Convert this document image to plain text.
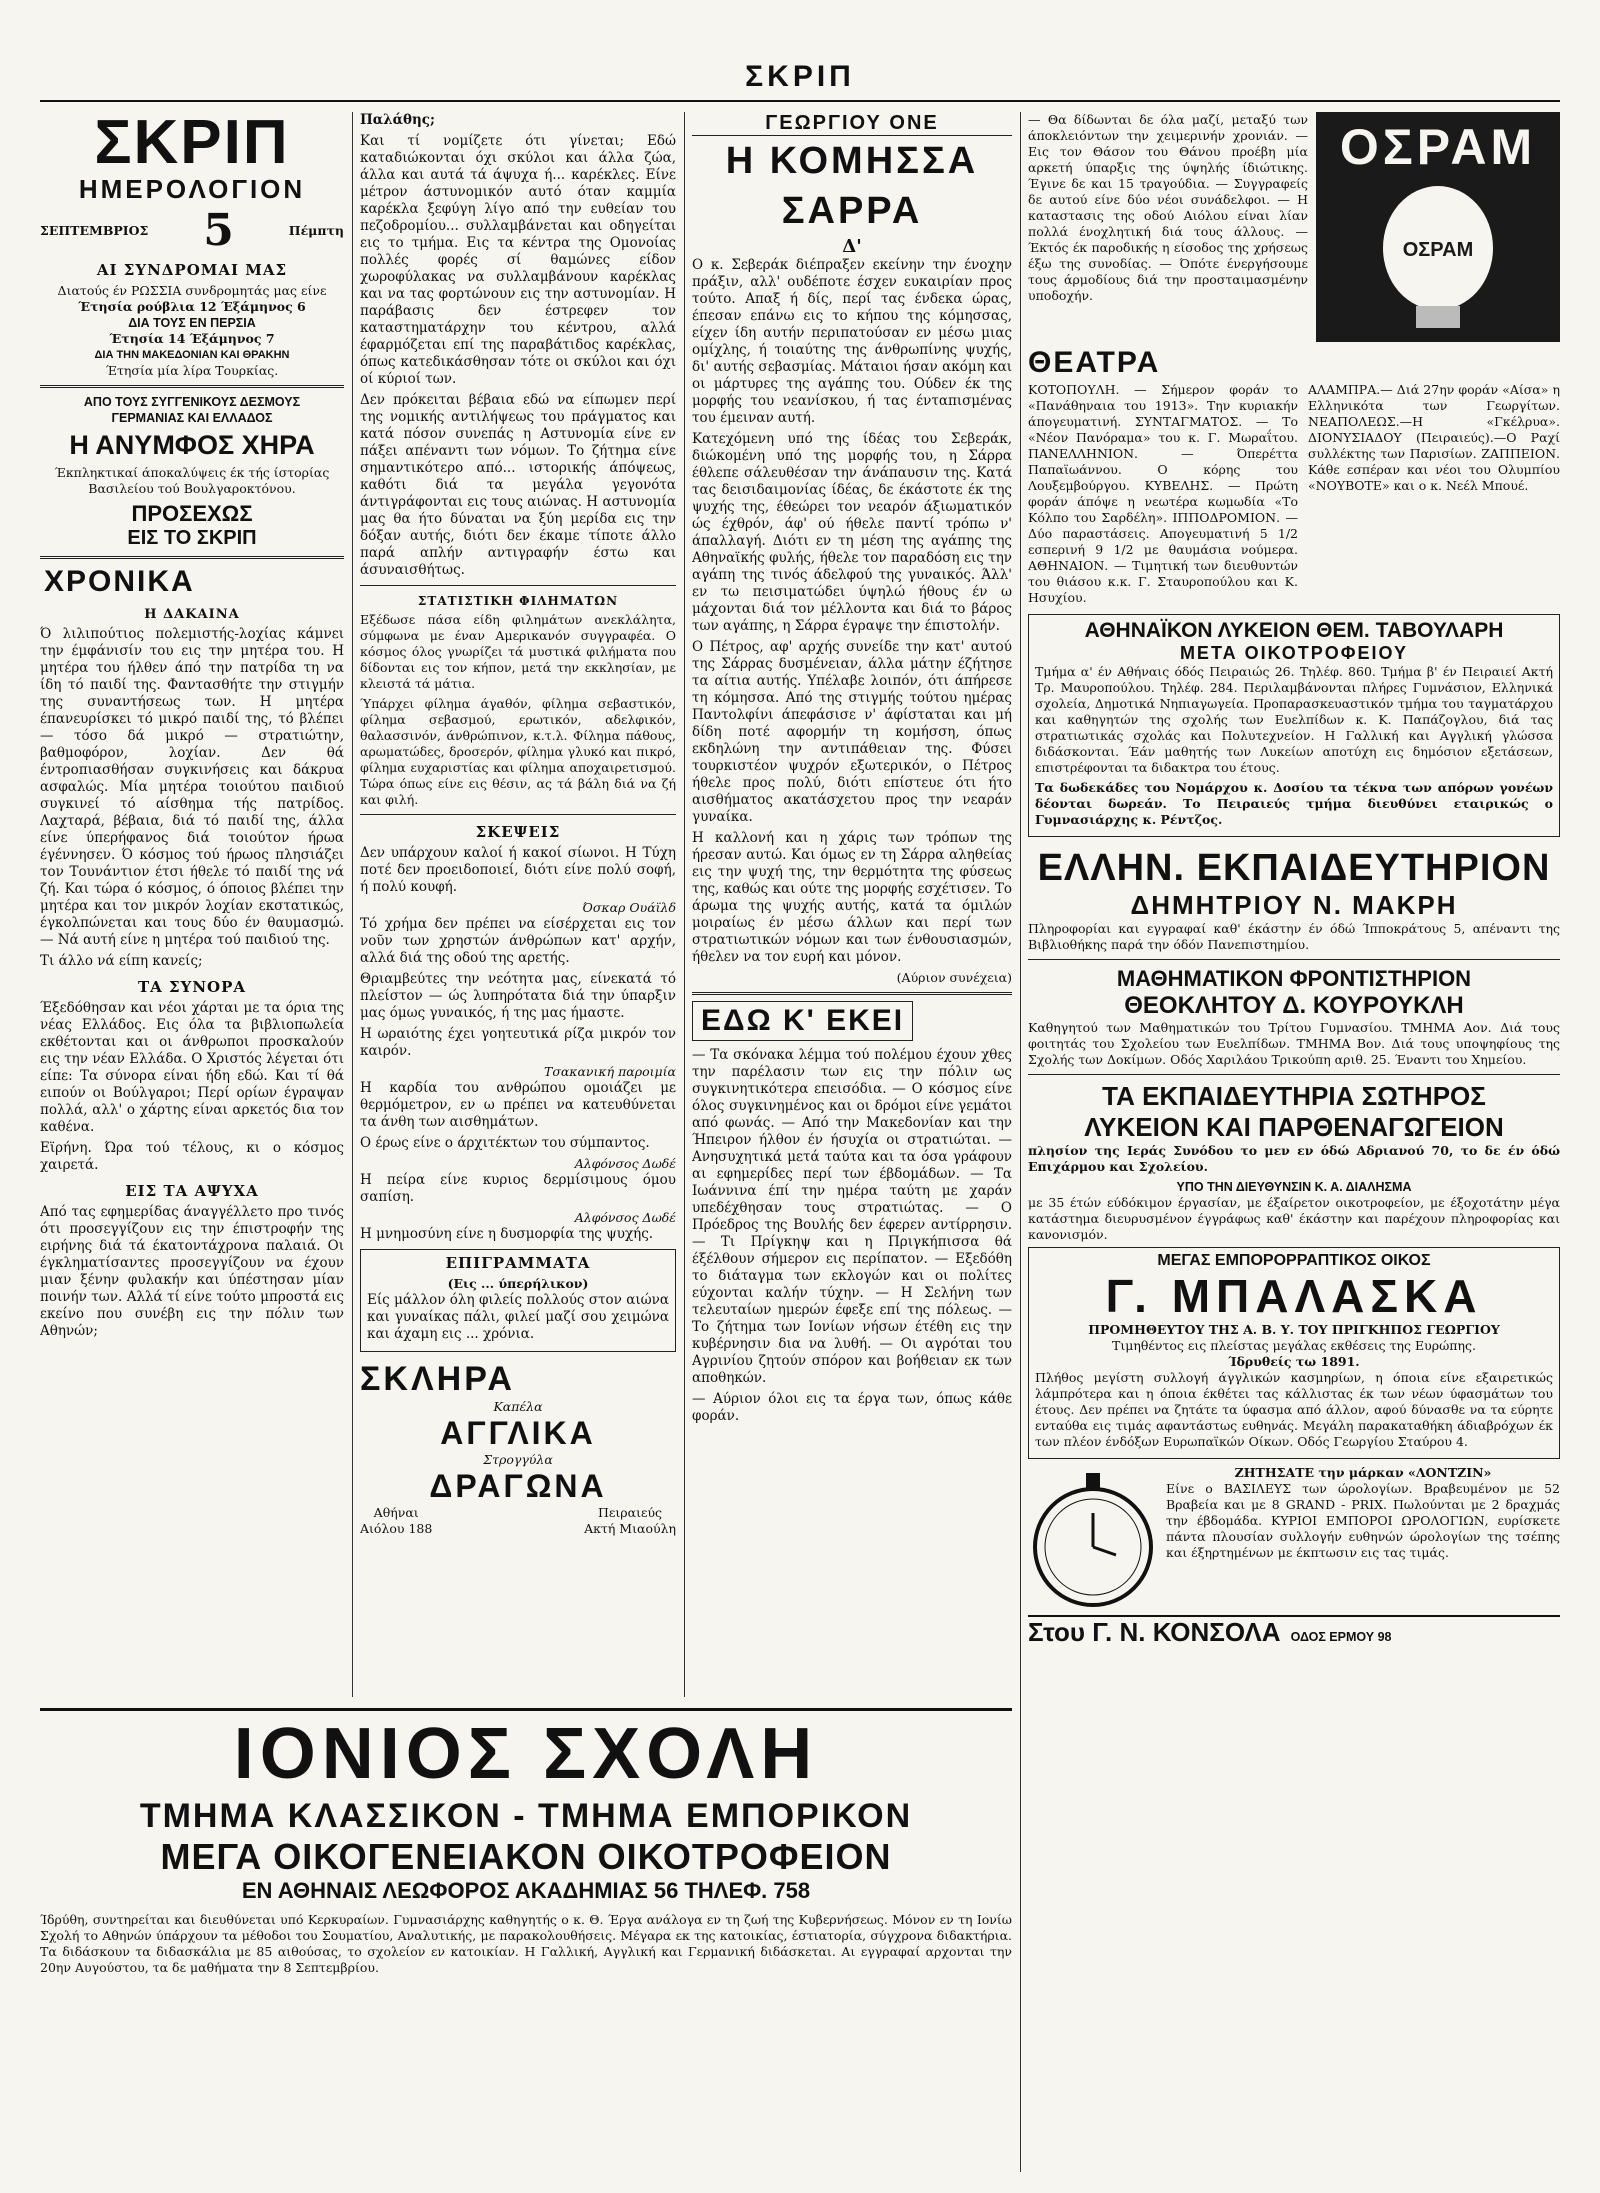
ΣΚΡΙΠ
ΣΚΡΙΠ
ΗΜΕΡΟΛΟΓΙΟΝ
ΣΕΠΤΕΜΒΡΙΟΣ 5	Πέμπτη
ΑΙ ΣΥΝΔΡΟΜΑΙ ΜΑΣ
Διατούς έν ΡΩΣΣΙΑ συνδρομητάς μας είνε
Έτησία ρούβλια 12 Έξάμηνος 6
ΔΙΑ ΤΟΥΣ ΕΝ ΠΕΡΣΙΑ
Έτησία 14 Έξάμηνος 7
ΔΙΑ ΤΗΝ ΜΑΚΕΔΟΝΙΑΝ ΚΑΙ ΘΡΑΚΗΝ
Έτησία μία λίρα Τουρκίας.
ΑΠΟ ΤΟΥΣ ΣΥΓΓΕΝΙΚΟΥΣ ΔΕΣΜΟΥΣ
ΓΕΡΜΑΝΙΑΣ ΚΑΙ ΕΛΛΑΔΟΣ
Η ΑΝΥΜΦΟΣ ΧΗΡΑ
Έκπληκτικαί άποκαλύψεις έκ τής ίστορίας Βασιλείου τού Βουλγαροκτόνου.
ΠΡΟΣΕΧΩΣ
ΕΙΣ ΤΟ ΣΚΡΙΠ
ΧΡΟΝΙΚΑ
Η ΔΑΚΑΙΝΑ

Ό λιλιπούτιος πολεμιστής-λοχίας κάμνει την έμφάνισίν του εις την μητέρα του. Η μητέρα του ήλθεν άπό την πατρίδα τη να ίδη τό παιδί της. Φαντασθήτε την στιγμήν της συναντήσεως των. Η μητέρα έπανευρίσκει τό μικρό παιδί της, τό βλέπει — τόσο δά μικρό — στρατιώτην, βαθμοφόρον, λοχίαν. Δεν θά έντροπιασθήσαν συγκινήσεις και δάκρυα ασφαλώς. Μία μητέρα τοιούτου παιδιού συγκινεί τό αίσθημα τής πατρίδος. Λαχταρά, βέβαια, διά τό παιδί της, άλλα είνε ύπερήφανος διά τοιούτον ήρωα έγέννησεν. Ό κόσμος τού ήρωος πλησιάζει τον Τουνάντιον έτσι ήθελε τό παιδί της νά ζή. Και τώρα ό κόσμος, ό όποιος βλέπει την μητέρα και τον μικρόν λοχίαν εκστατικώς, έγκολπώνεται και τους δύο έν θαυμασμώ. — Νά αυτή είνε η μητέρα τού παιδιού της.

Τι άλλο νά είπη κανείς;

ΤΑ ΣΥΝΟΡΑ

Έξεδόθησαν και νέοι χάρται με τα όρια της νέας Ελλάδος. Εις όλα τα βιβλιοπωλεία εκθέτονται και οι άνθρωποι προσκαλούν εις την νέαν Ελλάδα. Ο Χριστός λέγεται ότι είπε: Τα σύνορα είναι ήδη εδώ. Και τί θά ειπούν οι Βούλγαροι; Περί ορίων έγραψαν πολλά, αλλ' ο χάρτης είναι αρκετός δια τον καθένα.

Εϊρήνη. Ώρα τού τέλους, κι ο κόσμος χαιρετά.

ΕΙΣ ΤΑ ΑΨΥΧΑ

Από τας εφημερίδας άναγγέλλετο προ τινός ότι προσεγγίζουν εις την έπιστροφήν της ειρήνης διά τά έκατοντάχρονα παλαιά. Οι έγκληματίσαντες προσεγγίζουν να έχουν μιαν ξένην φυλακήν και ύπέστησαν μίαν ποινήν των. Αλλά τί είνε τούτο μπροστά εις εκείνο που συνέβη εις την πόλιν των Αθηνών;

Παλάθης;

Και τί νομίζετε ότι γίνεται; Εδώ καταδιώκονται όχι σκύλοι και άλλα ζώα, άλλα και αυτά τά άψυχα ή... καρέκλες. Είνε μέτρον άστυνομικόν αυτό όταν καμμία καρέκλα ξεφύγη λίγο από την ευθείαν του πεζοδρομίου... συλλαμβάνεται και οδηγείται εις το τμήμα. Εις τα κέντρα της Ομονοίας πολλές φορές σί θαμώνες είδον χωροφύλακας να συλλαμβάνουν καρέκλας και να τας φορτώνουν εις την αστυνομίαν. Η παράβασις δεν έστρεφεν τον καταστηματάρχην του κέντρου, αλλά έφαρμόζεται επί της παραβάτιδος καρέκλας, όπως κατεδικάσθησαν τότε οι σκύλοι και όχι οί κύριοί των.

Δεν πρόκειται βέβαια εδώ να είπωμεν περί της νομικής αντιλήψεως του πράγματος και κατά πόσον συνεπάς η Αστυνομία είνε εν πάξει απέναντι των νόμων. Το ζήτημα είνε σημαντικότερο από... ιστορικής άπόψεως, καθότι διά τα μεγάλα γεγονότα άντιγράφονται εις τους αιώνας. Η αστυνομία μας θα ήτο δύναται να ξύη μερίδα εις την δόξαν αυτής, διότι δεν έκαμε τίποτε άλλο παρά απλήν αντιγραφήν έστω και άσυναισθήτως.

ΣΤΑΤΙΣΤΙΚΗ ΦΙΛΗΜΑΤΩΝ

Εξέδωσε πάσα είδη φιλημάτων ανεκλάλητα, σύμφωνα με έναν Αμερικανόν συγγραφέα. Ο κόσμος όλος γνωρίζει τά μυστικά φιλήματα που δίδονται εις τον κήπον, μετά την εκκλησίαν, με κλειστά τά μάτια.

Ύπάρχει φίλημα άγαθόν, φίλημα σεβαστικόν, φίλημα σεβασμού, ερωτικόν, αδελφικόν, θαλασσινόν, άνθρώπινον, κ.τ.λ. Φίλημα πάθους, αρωματώδες, δροσερόν, φίλημα γλυκό και πικρό, φίλημα ευχαριστίας και φίλημα αποχαιρετισμού. Τώρα όπως είνε εις θέσιν, ας τά βάλη διά να ζή και φιλή.

ΣΚΕΨΕΙΣ

Δεν υπάρχουν καλοί ή κακοί σίωνοι. Η Τύχη ποτέ δεν προειδοποιεί, διότι είνε πολύ σοφή, ή πολύ κουφή.

Όσκαρ Ουάϊλδ

Τό χρήμα δεν πρέπει να είσέρχεται εις τον νοῦν των χρηστών άνθρώπων κατ' αρχήν, αλλά διά της οδού της αρετής.

Θριαμβεύτες την νεότητα μας, είνεκατά τό πλείστον — ώς λυπηρότατα διά την ύπαρξιν μας όμως γυναικός, ή της μας ήμαστε.

Η ωραιότης έχει γοητευτικά ρίζα μικρόν τον καιρόν.

Τσακανική παροιμία

Η καρδία του ανθρώπου ομοιάζει με θερμόμετρον, εν ω πρέπει να κατευθύνεται τα άνθη των αισθημάτων.

Ο έρως είνε ο άρχιτέκτων του σύμπαντος.

Αλφόνσος Δωδέ

Η πείρα είνε κυριος δερμίσιμους όμου σαπίση.

Αλφόνσος Δωδέ

Η μνημοσύνη είνε η δυσμορφία της ψυχής.

ΕΠΙΓΡΑΜΜΑΤΑ
(Εις ... ύπερήλικον)

Είς μάλλον όλη φιλείς πολλούς στον αιώνα και γυναίκας πάλι, φιλεί μαζί σου χειμώνα και άχαμη εις ... χρόνια.

ΣΚΛΗΡΑ
Καπέλα
ΑΓΓΛΙΚΑ
Στρογγύλα
ΔΡΑΓΩΝΑ
Αθήναι
Αιόλου 188
Πειραιεύς
Ακτή Μιαούλη
ΓΕΩΡΓΙΟΥ ΟΝΕ
Η ΚΟΜΗΣΣΑ ΣΑΡΡΑ
Δ'

Ο κ. Σεβεράκ διέπραξεν εκείνην την ένοχην πράξιν, αλλ' ουδέποτε έσχεν ευκαιρίαν προς τούτο. Απαξ ή δίς, περί τας ένδεκα ώρας, έπεσαν επάνω εις το κήπου της κόμησσας, είχεν ίδη αυτήν περιπατούσαν εν μέσω μιας ομίχλης, ή τοιαύτης της άνθρωπίνης ψυχής, δι' αυτής σεβασμίας. Μάταιοι ήσαν ακόμη και οι μάρτυρες της αγάπης του. Ούδεν έκ της μορφής του νεανίσκου, ή τας ένταπισμένας του έμειναν αυτή.

Κατεχόμενη υπό της ίδέας του Σεβεράκ, διώκομένη υπό της μορφής του, η Σάρρα έθλεπε σάλευθέσαν την άνάπαυσιν της. Κατά τας δεισιδαιμονίας ίδέας, δε έκάστοτε έκ της ψυχής της, έθεώρει τον νεαρόν άξιωματικόν ώς έχθρόν, άφ' ού ήθελε παντί τρόπω ν' άπαλλαγή. Διότι εν τη μέση της αγάπης της Αθηναϊκής φυλής, ήθελε τον παραδόση εις την αγάπη της τινός άδελφού της γυναικός. Άλλ' εν τω πεισιματώδει ύψηλώ ήθους έν ω μάχονται διά τον μέλλοντα και διά το βάρος των αγάπης, η Σάρρα έγραψε την έπιστολήν.

Ο Πέτρος, αφ' αρχής συνείδε την κατ' αυτού της Σάρρας δυσμένειαν, άλλα μάτην έζήτησε τα αίτια αυτής. Υπέλαβε λοιπόν, ότι άπήρεσε τη κόμησσα. Από της στιγμής τούτου ημέρας Παντολφίνι άπεφάσισε ν' άφίσταται και μή δίδη ποτέ αφορμήν τη κομήσση, όπως εκδηλώνη την αντιπάθειαν της. Φύσει τουρκιστέον ψυχρόν εξωτερικόν, ο Πέτρος ήθελε προς πολύ, διότι επίστευε ότι ήτο αισθήματος ακατάσχετου προς την νεαράν γυναίκα.

Η καλλονή και η χάρις των τρόπων της ήρεσαν αυτώ. Και όμως εν τη Σάρρα αληθείας εις την ψυχή της, την θερμότητα της φύσεως της, καθώς και ούτε της μορφής εσχέτισεν. Το άρωμα της ψυχής αυτής, κατά τα όμιλών μοιραίως έν μέσω άλλων και περί των στρατιωτικών νόμων και των ένθουσιασμών, ήθελεν να τον ευρή και μόνον.

(Αύριον συνέχεια)
ΕΔΩ Κ' ΕΚΕΙ

— Τα σκόνακα λέμμα τού πολέμου έχουν χθες την παρέλασιν των εις την πόλιν ως συγκινητικότερα επεισόδια. — Ο κόσμος είνε όλος συγκινημένος και οι δρόμοι είνε γεμάτοι από φωνάς. — Από την Μακεδονίαν και την Ήπειρον ήλθον έν ήσυχία οι στρατιώται. — Ανησυχητικά μετά ταύτα και τα όσα γράφουν αι εφημερίδες περί των έβδομάδων. — Τα Ιωάννινα έπί την ημέρα ταύτη με χαράν υπεδέχθησαν τους στρατιώτας. — Ο Πρόεδρος της Βουλής δεν έφερεν αντίρρησιν. — Τι Πρίγκηψ και η Πριγκήπισσα θά έξέλθουν σήμερον εις περίπατον. — Εξεδόθη το διάταγμα των εκλογών και οι πολίτες εύχονται καλήν τύχην. — Η Σελήνη των τελευταίων ημερών έφεξε επί της πόλεως. — Το ζήτημα των Ιονίων νήσων έτέθη εις την κυβέρνησιν δια να λυθή. — Οι αγρόται του Αγρινίου ζητούν σπόρον και βοήθειαν εκ των αποθηκών.

— Αύριον όλοι εις τα έργα των, όπως κάθε φοράν.

— Θα δίδωνται δε όλα μαζί, μεταξύ των άποκλειόντων την χειμερινήν χρονιάν. — Εις τον Θάσον του Θάνου προέβη μία αρκετή ύπαρξις της ύψηλής ίδιώτικης. Έγινε δε και 15 τραγούδια. — Συγγραφείς δε αυτού είνε δύο νέοι συνάδελφοι. — Η καταστασις της οδού Αιόλου είναι λίαν πολλά ένοχλητική διά τους άλλους. — Έκτός έκ παροδικής η είσοδος της χρήσεως έξω της συνοδίας. — Όπότε ένεργήσουμε τους άρμοδίους διά την προσταιμασμένην υποδοχήν.

ΟΣΡΑΜ
ΟΣΡΑΜ
ΘΕΑΤΡΑ

ΚΟΤΟΠΟΥΛΗ. — Σήμερον φοράν το «Πανάθηναια του 1913». Την κυριακήν άπογευματινή. ΣΥΝΤΑΓΜΑΤΟΣ. — Το «Νέον Πανόραμα» του κ. Γ. Μωραΐτου. ΠΑΝΕΛΛΗΝΙΟΝ. — Όπερέττα Παπαϊωάννου. Ο κόρης του Λουξεμβούργου. ΚΥΒΕΛΗΣ. — Πρώτη φοράν άπόψε η νεωτέρα κωμωδία «Το Κόλπο του Σαρδέλη». ΙΠΠΟΔΡΟΜΙΟΝ. — Δύο παραστάσεις. Απογευματινή 5 1/2 εσπερινή 9 1/2 με θαυμάσια νούμερα. ΑΘΗΝΑΙΟΝ. — Τιμητική των διευθυντών του θιάσου κ.κ. Γ. Σταυροπούλου και Κ. Ησυχίου.

ΑΛΑΜΠΡΑ.— Διά 27ην φοράν «Αίσα» η Ελληνικότα των Γεωργίτων. ΝΕΑΠΟΛΕΩΣ.—Η «Γκέλρυα». ΔΙΟΝΥΣΙΑΔΟΥ (Πειραιεύς).—Ο Ραχί συλλέκτης των Παρισίων. ΖΑΠΠΕΙΟΝ. Κάθε εσπέραν και νέοι του Ολυμπίου «ΝΟΥΒΟΤΕ» και ο κ. Νεέλ Μπουέ.

ΑΘΗΝΑΪΚΟΝ ΛΥΚΕΙΟΝ ΘΕΜ. ΤΑΒΟΥΛΑΡΗ
ΜΕΤΑ ΟΙΚΟΤΡΟΦΕΙΟΥ

Τμήμα α' έν Αθήναις όδός Πειραιώς 26. Τηλέφ. 860. Τμήμα β' έν Πειραιεί Ακτή Τρ. Μαυροπούλου. Τηλέφ. 284. Περιλαμβάνονται πλήρες Γυμνάσιον, Ελληνικά σχολεία, Δημοτικά Νηπιαγωγεία. Προπαρασκευαστικόν τμήμα του ταγματάρχου και καθηγητών της σχολής των Ευελπίδων κ. Κ. Παπάζογλου, διά τας στρατιωτικάς σχολάς και Πολυτεχνείον. Η Γαλλική και Αγγλική γλώσσα διδάσκονται. Έάν μαθητής των Λυκείων αποτύχη εις δημόσιον εξετάσεων, επιστρέφονται τα διδακτρα του έτους.

Τα δωδεκάδες του Νομάρχου κ. Δοσίου τα τέκνα των απόρων γονέων δέονται δωρεάν. Το Πειραιεύς τμήμα διευθύνει εταιρικώς ο Γυμνασιάρχης κ. Ρέντζος.

ΕΛΛΗΝ. ΕΚΠΑΙΔΕΥΤΗΡΙΟΝ
ΔΗΜΗΤΡΙΟΥ Ν. ΜΑΚΡΗ

Πληροφορίαι και εγγραφαί καθ' έκάστην έν όδώ Ίπποκράτους 5, απέναντι της Βιβλιοθήκης παρά την όδόν Πανεπιστημίου.

ΜΑΘΗΜΑΤΙΚΟΝ ΦΡΟΝΤΙΣΤΗΡΙΟΝ
ΘΕΟΚΛΗΤΟΥ Δ. ΚΟΥΡΟΥΚΛΗ

Καθηγητού των Μαθηματικών του Τρίτου Γυμνασίου. ΤΜΗΜΑ Αον. Διά τους φοιτητάς του Σχολείου των Ευελπίδων. ΤΜΗΜΑ Βον. Διά τους υποψηφίους της Σχολής των Δοκίμων. Οδός Χαριλάου Τρικούπη αριθ. 25. Έναντι του Χημείου.

ΤΑ ΕΚΠΑΙΔΕΥΤΗΡΙΑ ΣΩΤΗΡΟΣ
ΛΥΚΕΙΟΝ ΚΑΙ ΠΑΡΘΕΝΑΓΩΓΕΙΟΝ

πλησίον της Ιεράς Συνόδου το μεν εν όδώ Αδριανού 70, το δε έν όδώ Επιχάρμου και Σχολείου.

ΥΠΟ ΤΗΝ ΔΙΕΥΘΥΝΣΙΝ Κ. Α. ΔΙΑΛΗΣΜΑ

με 35 έτών εύδόκιμον έργασίαν, με έξαίρετον οικοτροφείον, με έξοχοτάτην μέγα κατάστημα διευρυσμένον έγγράφως καθ' έκάστην και παρέχουν πληροφορίας και κανονισμόν.

ΜΕΓΑΣ ΕΜΠΟΡΟΡΡΑΠΤΙΚΟΣ ΟΙΚΟΣ
Γ. ΜΠΑΛΑΣΚΑ
ΠΡΟΜΗΘΕΥΤΟΥ ΤΗΣ Α. Β. Υ. ΤΟΥ ΠΡΙΓΚΗΠΟΣ ΓΕΩΡΓΙΟΥ
Τιμηθέντος εις πλείστας μεγάλας εκθέσεις της Ευρώπης.
Ίδρυθείς τω 1891.

Πλήθος μεγίστη συλλογή άγγλικών κασμηρίων, η όποια είνε εξαιρετικώς λάμπρότερα και η όποια έκθέτει τας κάλλιστας έκ των νέων ύφασμάτων του έτους. Δεν πρέπει να ζητάτε τα ύφασμα από άλλον, αφού δύνασθε να τα εύρητε ενταύθα εις τιμάς αφαντάστως ευθηνάς. Μεγάλη παρακαταθήκη άδιαβρόχων έκ των πλέον ένδόξων Ευρωπαϊκών Οίκων. Οδός Γεωργίου Σταύρου 4.

ΖΗΤΗΣΑΤΕ την μάρκαν «ΛΟΝΤΖΙΝ»

Είνε ο ΒΑΣΙΛΕΥΣ των ώρολογίων. Βραβευμένον με 52 Βραβεία και με 8 GRAND - PRIX. Πωλούνται με 2 δραχμάς την έβδομάδα. ΚΥΡΙΟΙ ΕΜΠΟΡΟΙ ΩΡΟΛΟΓΙΩΝ, ευρίσκετε πάντα πλουσίαν συλλογήν ευθηνών ώρολογίων της τσέπης και έξηρτημένων με έκπτωσιν εις τας τιμάς.

Στου Γ. Ν. ΚΟΝΣΟΛΑ ΟΔΟΣ ΕΡΜΟΥ 98
ΙΟΝΙΟΣ ΣΧΟΛΗ
ΤΜΗΜΑ ΚΛΑΣΣΙΚΟΝ - ΤΜΗΜΑ ΕΜΠΟΡΙΚΟΝ
ΜΕΓΑ ΟΙΚΟΓΕΝΕΙΑΚΟΝ ΟΙΚΟΤΡΟΦΕΙΟΝ
ΕΝ ΑΘΗΝΑΙΣ ΛΕΩΦΟΡΟΣ ΑΚΑΔΗΜΙΑΣ 56 ΤΗΛΕΦ. 758

Ίδρύθη, συντηρείται και διευθύνεται υπό Κερκυραίων. Γυμνασιάρχης καθηγητής ο κ. Θ. Έργα ανάλογα εν τη ζωή της Κυβερνήσεως. Μόνον εν τη Ιονίω Σχολή το Αθηνών ύπάρχουν τα μέθοδοι του Σουματίου, Αναλυτικής, με παρακολουθήσεις. Μέγαρα εκ της κατοικίας, έστιατορία, σύγχρονα διδακτήρια. Τα διδάσκουν τα διδασκάλια με 85 αιθούσας, το σχολείον εν κατοικίαν. Η Γαλλική, Αγγλική και Γερμανική διδάσκεται. Αι εγγραφαί αρχονται την 20ην Αυγούστου, τα δε μαθήματα την 8 Σεπτεμβρίου.
